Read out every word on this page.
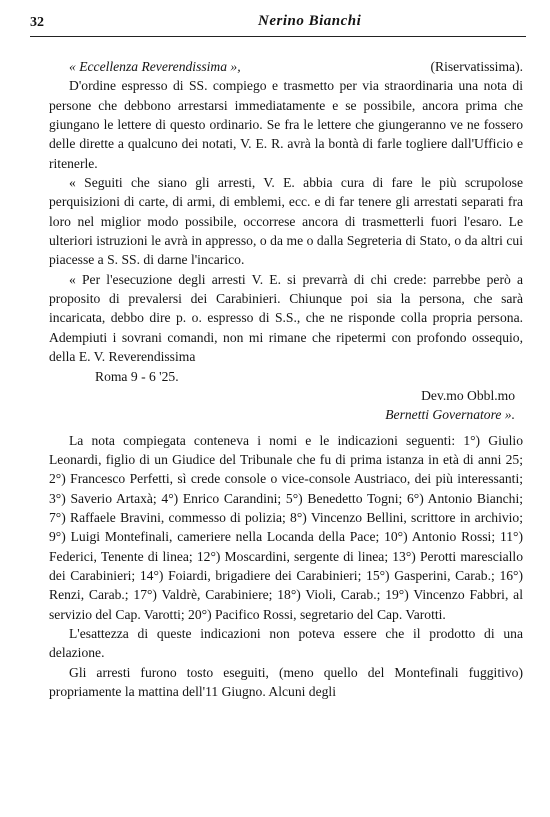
32	Nerino Bianchi
« Eccellenza Reverendissima »,	(Riservatissima).

D'ordine espresso di SS. compiego e trasmetto per via straordinaria una nota di persone che debbono arrestarsi immediatamente e se possibile, ancora prima che giungano le lettere di questo ordinario. Se fra le lettere che giungeranno ve ne fossero delle dirette a qualcuno dei notati, V. E. R. avrà la bontà di farle togliere dall'Ufficio e ritenerle.

« Seguiti che siano gli arresti, V. E. abbia cura di fare le più scrupolose perquisizioni di carte, di armi, di emblemi, ecc. e di far tenere gli arrestati separati fra loro nel miglior modo possibile, occorrese ancora di trasmetterli fuori l'esaro. Le ulteriori istruzioni le avrà in appresso, o da me o dalla Segreteria di Stato, o da altri cui piacesse a S. SS. di darne l'incarico.

« Per l'esecuzione degli arresti V. E. si prevarrà di chi crede: parrebbe però a proposito di prevalersi dei Carabinieri. Chiunque poi sia la persona, che sarà incaricata, debbo dire p. o. espresso di S.S., che ne risponde colla propria persona. Adempiuti i sovrani comandi, non mi rimane che ripetermi con profondo ossequio, della E. V. Reverendissima

Roma 9 - 6 '25.
Dev.mo Obbl.mo
Bernetti Governatore ».

La nota compiegata conteneva i nomi e le indicazioni seguenti: 1°) Giulio Leonardi, figlio di un Giudice del Tribunale che fu di prima istanza in età di anni 25; 2°) Francesco Perfetti, sì crede console o vice-console Austriaco, dei più interessanti; 3°) Saverio Artaxà; 4°) Enrico Carandini; 5°) Benedetto Togni; 6°) Antonio Bianchi; 7°) Raffaele Bravini, commesso di polizia; 8°) Vincenzo Bellini, scrittore in archivio; 9°) Luigi Montefinali, cameriere nella Locanda della Pace; 10°) Antonio Rossi; 11°) Federici, Tenente di linea; 12°) Moscardini, sergente di linea; 13°) Perotti maresciallo dei Carabinieri; 14°) Foiardi, brigadiere dei Carabinieri; 15°) Gasperini, Carab.; 16°) Renzi, Carab.; 17°) Valdrè, Carabiniere; 18°) Violi, Carab.; 19°) Vincenzo Fabbri, al servizio del Cap. Varotti; 20°) Pacifico Rossi, segretario del Cap. Varotti.

L'esattezza di queste indicazioni non poteva essere che il prodotto di una delazione.

Gli arresti furono tosto eseguiti, (meno quello del Montefinali fuggitivo) propriamente la mattina dell'11 Giugno. Alcuni degli
